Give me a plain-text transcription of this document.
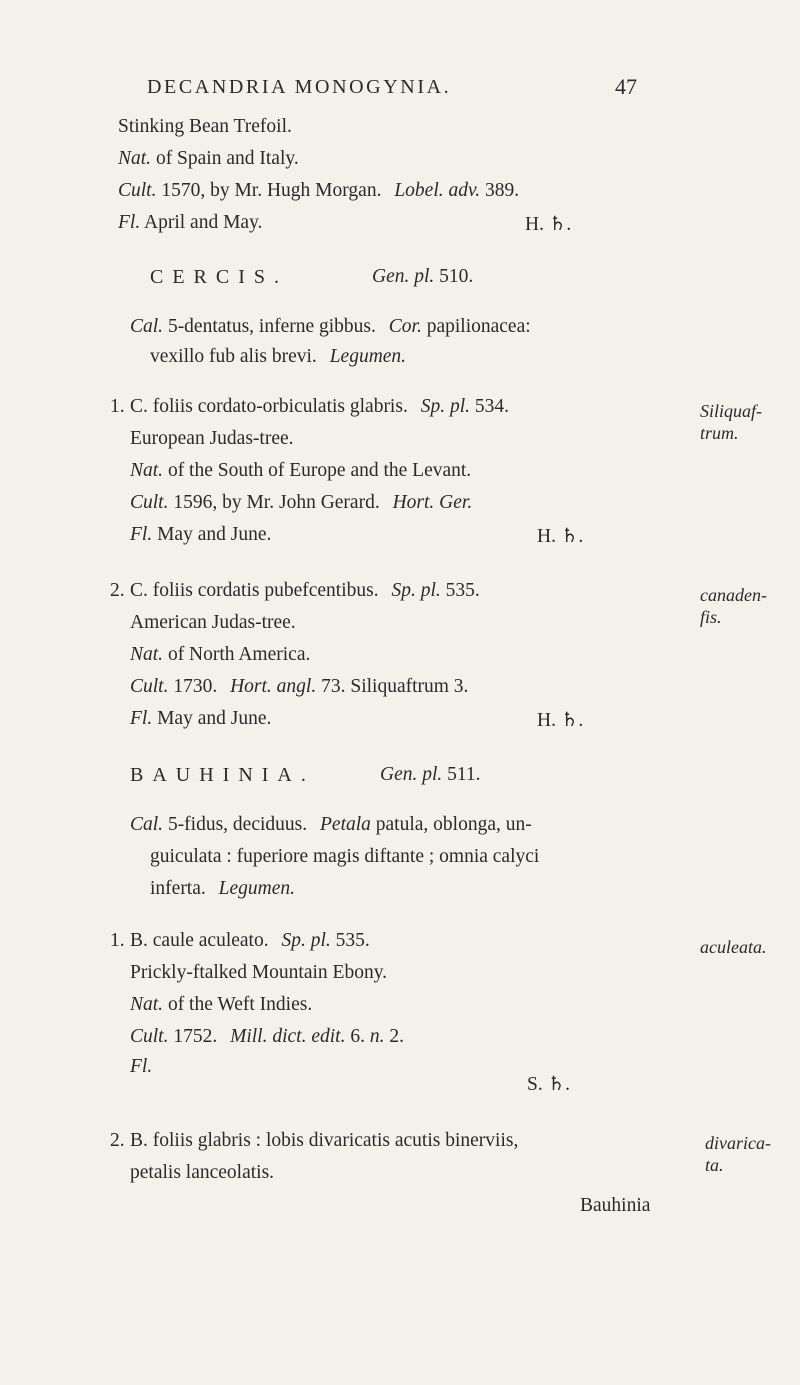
DECANDRIA MONOGYNIA.	47
Stinking Bean Trefoil.
Nat. of Spain and Italy.
Cult. 1570, by Mr. Hugh Morgan. Lobel. adv. 389.
Fl. April and May.	H. ♄.
CERCIS.	Gen. pl. 510.
Cal. 5-dentatus, inferne gibbus. Cor. papilionacea:
vexillo fub alis brevi. Legumen.
1. C. foliis cordato-orbiculatis glabris. Sp. pl. 534.
European Judas-tree.
Nat. of the South of Europe and the Levant.
Cult. 1596, by Mr. John Gerard. Hort. Ger.
Fl. May and June.	H. ♄.
Siliquaf-
trum.
2. C. foliis cordatis pubefcentibus. Sp. pl. 535.
American Judas-tree.
Nat. of North America.
Cult. 1730. Hort. angl. 73. Siliquaftrum 3.
Fl. May and June.	H. ♄.
canaden-
fis.
BAUHINIA.	Gen. pl. 511.
Cal. 5-fidus, deciduus. Petala patula, oblonga, un-
guiculata : fuperiore magis diftante ; omnia calyci
inferta. Legumen.
1. B. caule aculeato. Sp. pl. 535.
Prickly-ftalked Mountain Ebony.
Nat. of the Weft Indies.
Cult. 1752. Mill. dict. edit. 6. n. 2.
Fl.
S. ♄.
aculeata.
2. B. foliis glabris : lobis divaricatis acutis binerviis,
petalis lanceolatis.
divarica-
ta.
Bauhinia
